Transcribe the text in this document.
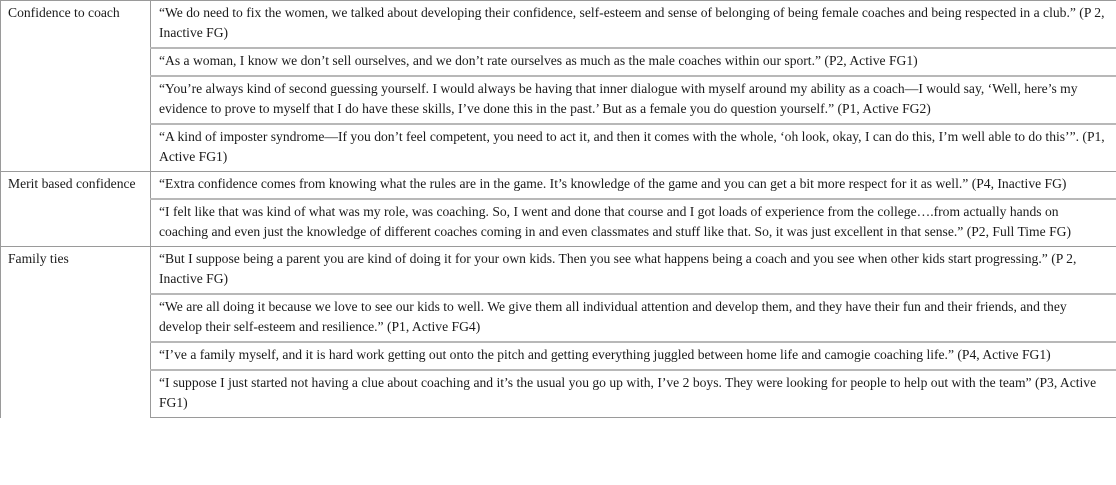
Confidence to coach	“We do need to fix the women, we talked about developing their confidence, self-esteem and sense of belonging of being female coaches and being respected in a club.” (P 2, Inactive FG)
	“As a woman, I know we don’t sell ourselves, and we don’t rate ourselves as much as the male coaches within our sport.” (P2, Active FG1)
	“You’re always kind of second guessing yourself. I would always be having that inner dialogue with myself around my ability as a coach—I would say, ‘Well, here’s my evidence to prove to myself that I do have these skills, I’ve done this in the past.’ But as a female you do question yourself.” (P1, Active FG2)
	“A kind of imposter syndrome—If you don’t feel competent, you need to act it, and then it comes with the whole, ‘oh look, okay, I can do this, I’m well able to do this’”. (P1, Active FG1)
Merit based confidence	“Extra confidence comes from knowing what the rules are in the game. It’s knowledge of the game and you can get a bit more respect for it as well.” (P4, Inactive FG)
	“I felt like that was kind of what was my role, was coaching. So, I went and done that course and I got loads of experience from the college….from actually hands on coaching and even just the knowledge of different coaches coming in and even classmates and stuff like that. So, it was just excellent in that sense.” (P2, Full Time FG)
Family ties	“But I suppose being a parent you are kind of doing it for your own kids. Then you see what happens being a coach and you see when other kids start progressing.” (P 2, Inactive FG)
	“We are all doing it because we love to see our kids to well. We give them all individual attention and develop them, and they have their fun and their friends, and they develop their self-esteem and resilience.” (P1, Active FG4)
	“I’ve a family myself, and it is hard work getting out onto the pitch and getting everything juggled between home life and camogie coaching life.” (P4, Active FG1)
	“I suppose I just started not having a clue about coaching and it’s the usual you go up with, I’ve 2 boys. They were looking for people to help out with the team” (P3, Active FG1)
